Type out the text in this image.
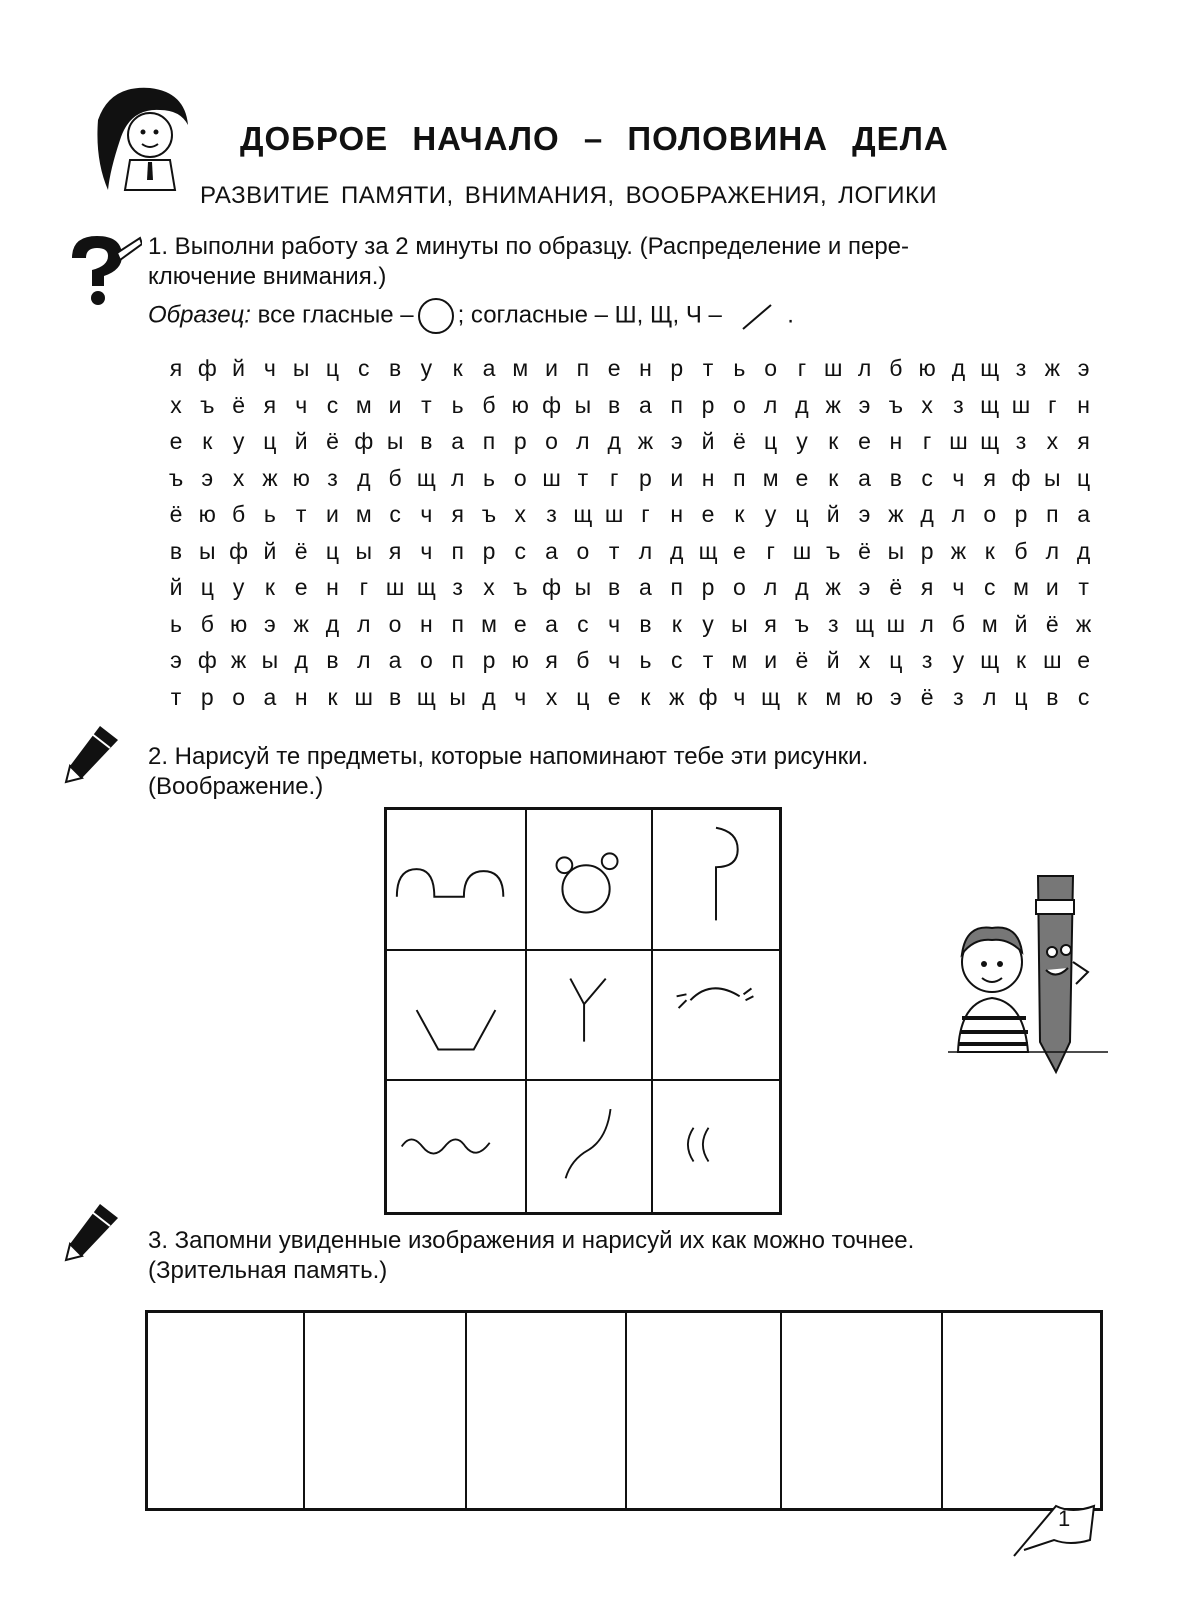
ДОБРОЕ НАЧАЛО – ПОЛОВИНА ДЕЛА
РАЗВИТИЕ ПАМЯТИ, ВНИМАНИЯ, ВООБРАЖЕНИЯ, ЛОГИКИ
1. Выполни работу за 2 минуты по образцу. (Распределение и пере-
ключение внимания.)
Образец: все гласные – ○ ; согласные – Ш, Щ, Ч –	.
я ф й ч ы ц с в у к а м и п е н р т ь о г ш л б ю д щ з ж э
х ъ ё я ч с м и т ь б ю ф ы в а п р о л д ж э ъ х з щ ш г н
е к у ц й ё ф ы в а п р о л д ж э й ё ц у к е н г ш щ з х я
ъ э х ж ю з д б щ л ь о ш т г р и н п м е к а в с ч я ф ы ц
ё ю б ь т и м с ч я ъ х з щ ш г н е к у ц й э ж д л о р п а
в ы ф й ё ц ы я ч п р с а о т л д щ е г ш ъ ё ы р ж к б л д
й ц у к е н г ш щ з х ъ ф ы в а п р о л д ж э ё я ч с м и т
ь б ю э ж д л о н п м е а с ч в к у ы я ъ з щ ш л б м й ё ж
э ф ж ы д в л а о п р ю я б ч ь с т м и ё й х ц з у щ к ш е
т р о а н к ш в щ ы д ч х ц е к ж ф ч щ к м ю э ё з л ц в с
2. Нарисуй те предметы, которые напоминают тебе эти рисунки.
(Воображение.)
3. Запомни увиденные изображения и нарисуй их как можно точнее.
(Зрительная память.)
1
